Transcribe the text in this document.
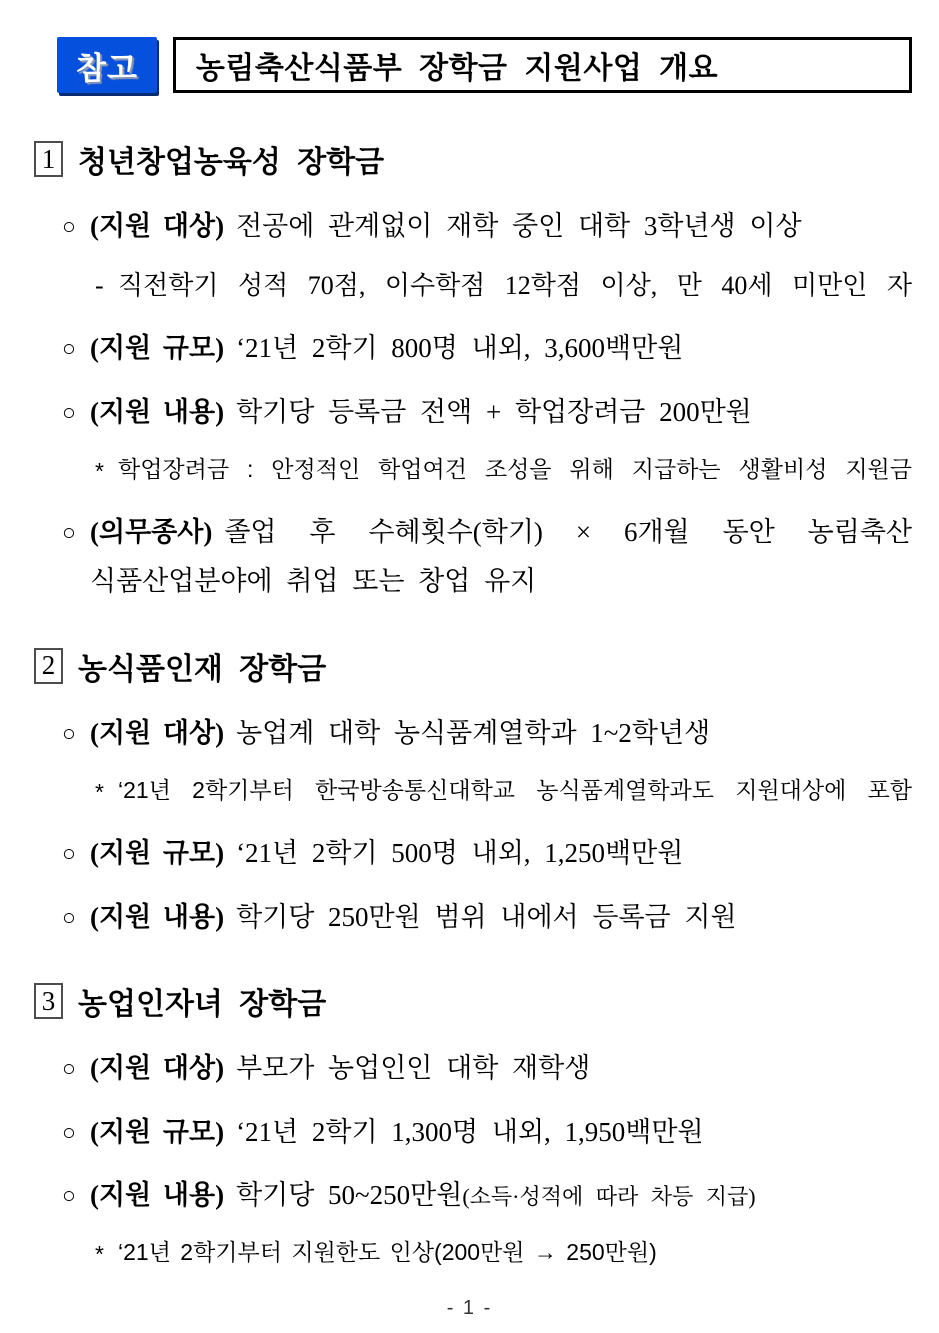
참고	농림축산식품부 장학금 지원사업 개요
1 청년창업농육성 장학금
○ (지원 대상) 전공에 관계없이 재학 중인 대학 3학년생 이상
- 직전학기 성적 70점, 이수학점 12학점 이상, 만 40세 미만인 자
○ (지원 규모) ‘21년 2학기 800명 내외, 3,600백만원
○ (지원 내용) 학기당 등록금 전액 + 학업장려금 200만원
* 학업장려금 : 안정적인 학업여건 조성을 위해 지급하는 생활비성 지원금
○ (의무종사) 졸업 후 수혜횟수(학기) × 6개월 동안 농림축산
식품산업분야에 취업 또는 창업 유지
2 농식품인재 장학금
○ (지원 대상) 농업계 대학 농식품계열학과 1~2학년생
* ‘21년 2학기부터 한국방송통신대학교 농식품계열학과도 지원대상에 포함
○ (지원 규모) ‘21년 2학기 500명 내외, 1,250백만원
○ (지원 내용) 학기당 250만원 범위 내에서 등록금 지원
3 농업인자녀 장학금
○ (지원 대상) 부모가 농업인인 대학 재학생
○ (지원 규모) ‘21년 2학기 1,300명 내외, 1,950백만원
○ (지원 내용) 학기당 50~250만원(소득·성적에 따라 차등 지급)
* ‘21년 2학기부터 지원한도 인상(200만원 → 250만원)
- 1 -
